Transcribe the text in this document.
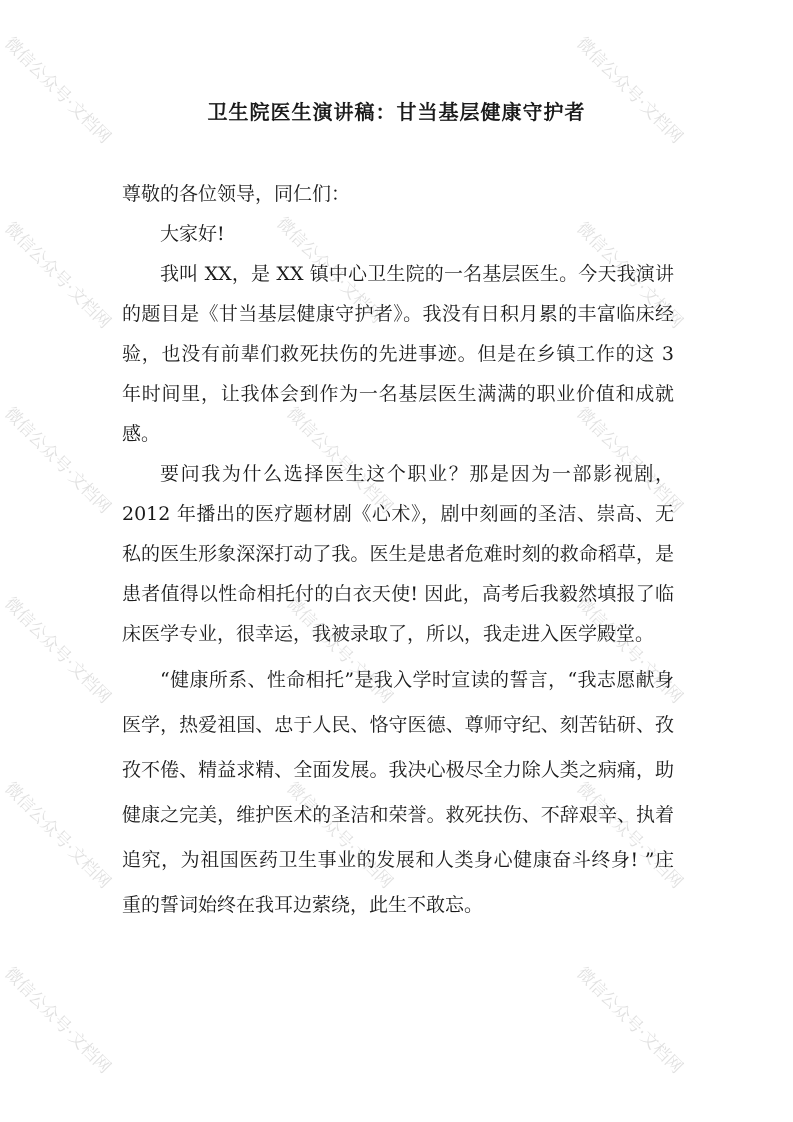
微信公众号·文档网	微信公众号·文档网
微信公众号·文档网
微信公众号·文档网	微信公众号·文档网
微信公众号·文档网	微信公众号·文档网
微信公众号·文档网
微信公众号·文档网	微信公众号·文档网
微信公众号·文档网
微信公众号·文档网	微信公众号·文档网
微信公众号·文档网
微信公众号·文档网	微信公众号·文档网
卫生院医生演讲稿：甘当基层健康守护者

尊敬的各位领导，同仁们：

大家好!

我叫 XX，是 XX 镇中心卫生院的一名基层医生。今天我演讲的题目是《甘当基层健康守护者》。我没有日积月累的丰富临床经验，也没有前辈们救死扶伤的先进事迹。但是在乡镇工作的这 3 年时间里，让我体会到作为一名基层医生满满的职业价值和成就感。

要问我为什么选择医生这个职业？那是因为一部影视剧，2012 年播出的医疗题材剧《心术》，剧中刻画的圣洁、崇高、无私的医生形象深深打动了我。医生是患者危难时刻的救命稻草，是患者值得以性命相托付的白衣天使! 因此，高考后我毅然填报了临床医学专业，很幸运，我被录取了，所以，我走进入医学殿堂。

“健康所系、性命相托”是我入学时宣读的誓言，“我志愿献身医学，热爱祖国、忠于人民、恪守医德、尊师守纪、刻苦钻研、孜孜不倦、精益求精、全面发展。我决心极尽全力除人类之病痛，助健康之完美，维护医术的圣洁和荣誉。救死扶伤、不辞艰辛、执着追究，为祖国医药卫生事业的发展和人类身心健康奋斗终身! ”庄重的誓词始终在我耳边萦绕，此生不敢忘。
